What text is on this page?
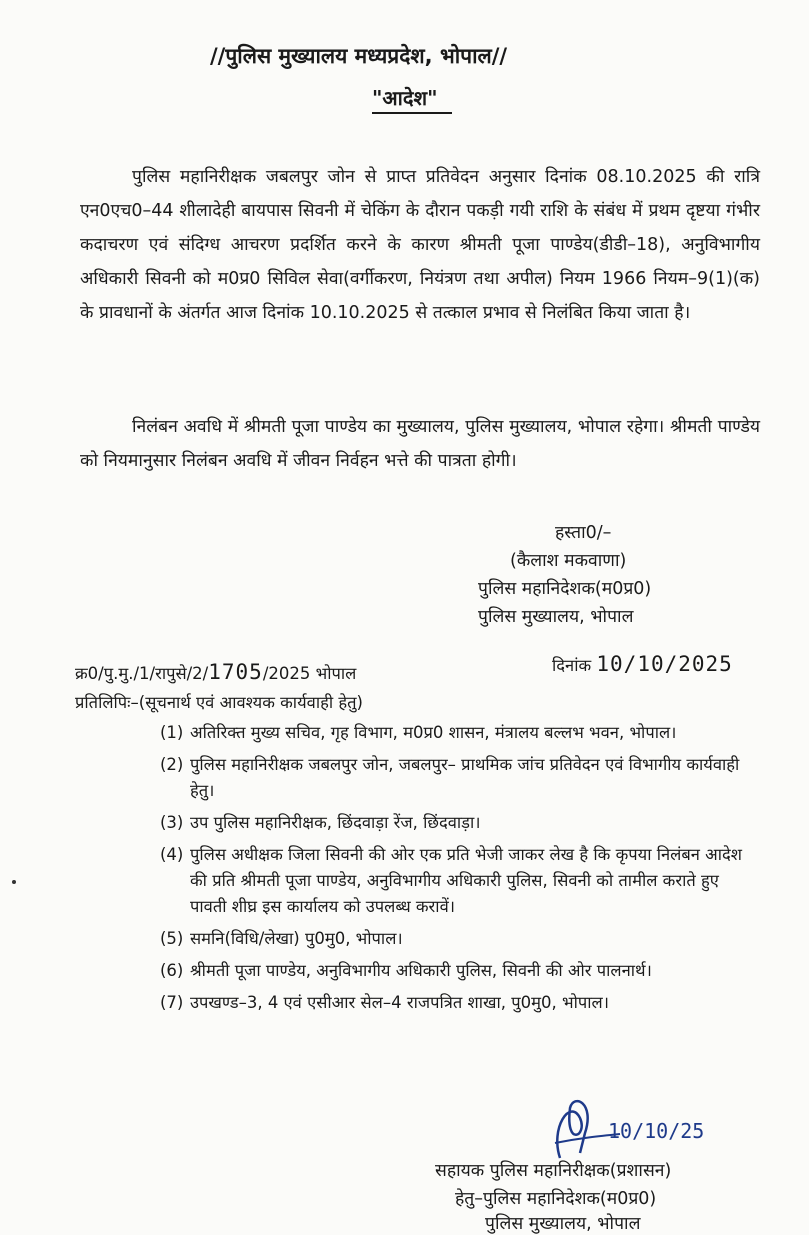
//पुलिस मुख्यालय मध्यप्रदेश, भोपाल//
"आदेश"
पुलिस महानिरीक्षक जबलपुर जोन से प्राप्त प्रतिवेदन अनुसार दिनांक 08.10.2025 की रात्रि एन0एच0–44 शीलादेही बायपास सिवनी में चेकिंग के दौरान पकड़ी गयी राशि के संबंध में प्रथम दृष्टया गंभीर कदाचरण एवं संदिग्ध आचरण प्रदर्शित करने के कारण श्रीमती पूजा पाण्डेय(डीडी–18), अनुविभागीय अधिकारी सिवनी को म0प्र0 सिविल सेवा(वर्गीकरण, नियंत्रण तथा अपील) नियम 1966 नियम–9(1)(क) के प्रावधानों के अंतर्गत आज दिनांक 10.10.2025 से तत्काल प्रभाव से निलंबित किया जाता है।
निलंबन अवधि में श्रीमती पूजा पाण्डेय का मुख्यालय, पुलिस मुख्यालय, भोपाल रहेगा। श्रीमती पाण्डेय को नियमानुसार निलंबन अवधि में जीवन निर्वहन भत्ते की पात्रता होगी।
हस्ता0/–
(कैलाश मकवाणा)
पुलिस महानिदेशक(म0प्र0)
पुलिस मुख्यालय, भोपाल
क्र0/पु.मु./1/रापुसे/2/1705/2025 भोपाल	दिनांक 10/10/2025
प्रतिलिपिः–(सूचनार्थ एवं आवश्यक कार्यवाही हेतु)
(1) अतिरिक्त मुख्य सचिव, गृह विभाग, म0प्र0 शासन, मंत्रालय बल्लभ भवन, भोपाल।
(2) पुलिस महानिरीक्षक जबलपुर जोन, जबलपुर– प्राथमिक जांच प्रतिवेदन एवं विभागीय कार्यवाही हेतु।
(3) उप पुलिस महानिरीक्षक, छिंदवाड़ा रेंज, छिंदवाड़ा।
(4) पुलिस अधीक्षक जिला सिवनी की ओर एक प्रति भेजी जाकर लेख है कि कृपया निलंबन आदेश की प्रति श्रीमती पूजा पाण्डेय, अनुविभागीय अधिकारी पुलिस, सिवनी को तामील कराते हुए पावती शीघ्र इस कार्यालय को उपलब्ध करावें।
(5) समनि(विधि/लेखा) पु0मु0, भोपाल।
(6) श्रीमती पूजा पाण्डेय, अनुविभागीय अधिकारी पुलिस, सिवनी की ओर पालनार्थ।
(7) उपखण्ड–3, 4 एवं एसीआर सेल–4 राजपत्रित शाखा, पु0मु0, भोपाल।
10/10/25
सहायक पुलिस महानिरीक्षक(प्रशासन)
हेतु–पुलिस महानिदेशक(म0प्र0)
पुलिस मुख्यालय, भोपाल
